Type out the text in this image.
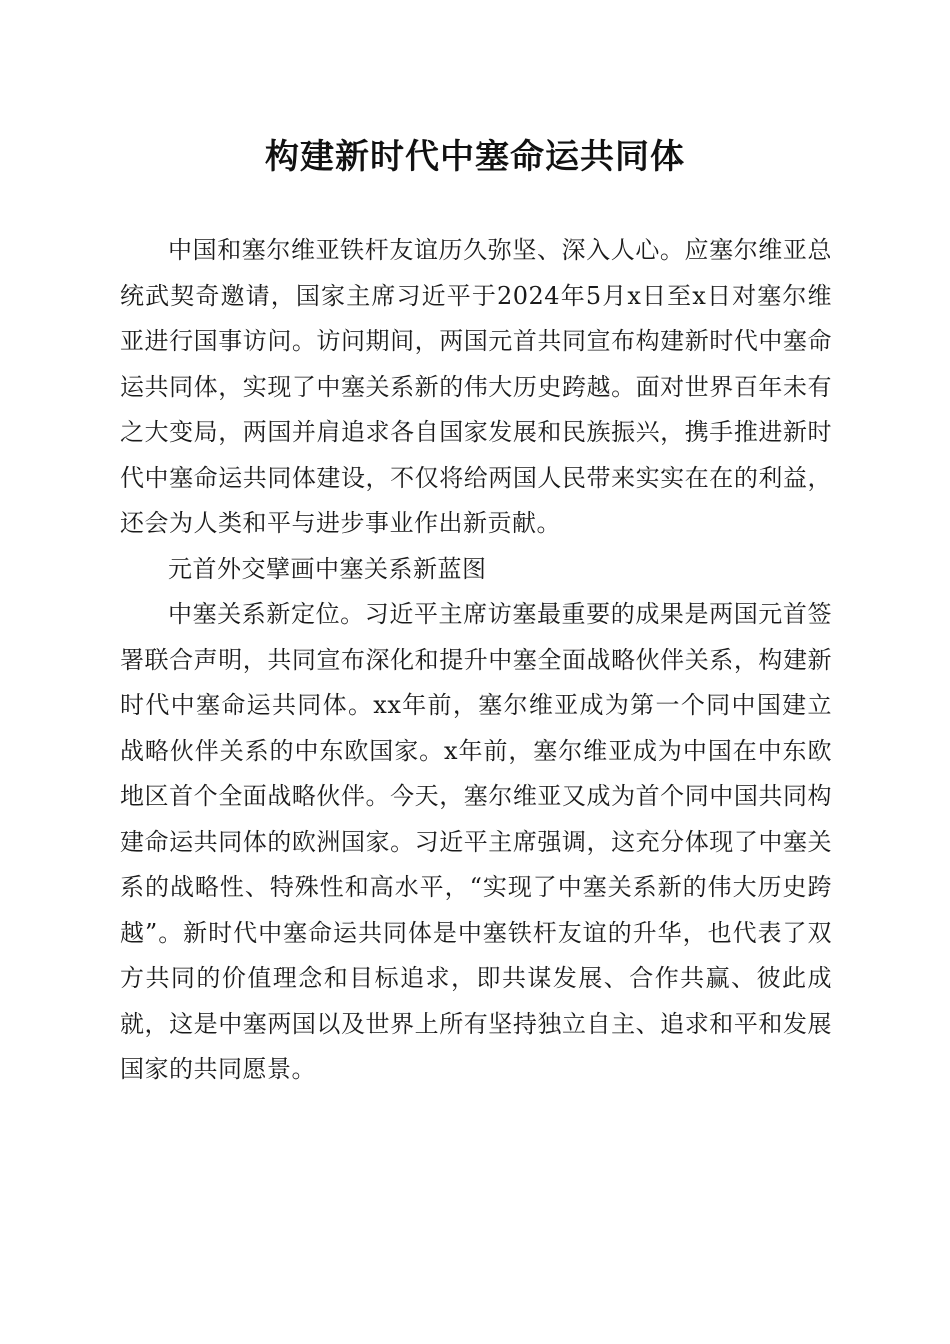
构建新时代中塞命运共同体

中国和塞尔维亚铁杆友谊历久弥坚、深入人心。应塞尔维亚总统武契奇邀请，国家主席习近平于2024年5月x日至x日对塞尔维亚进行国事访问。访问期间，两国元首共同宣布构建新时代中塞命运共同体，实现了中塞关系新的伟大历史跨越。面对世界百年未有之大变局，两国并肩追求各自国家发展和民族振兴，携手推进新时代中塞命运共同体建设，不仅将给两国人民带来实实在在的利益，还会为人类和平与进步事业作出新贡献。

元首外交擘画中塞关系新蓝图

中塞关系新定位。习近平主席访塞最重要的成果是两国元首签署联合声明，共同宣布深化和提升中塞全面战略伙伴关系，构建新时代中塞命运共同体。xx年前，塞尔维亚成为第一个同中国建立战略伙伴关系的中东欧国家。x年前，塞尔维亚成为中国在中东欧地区首个全面战略伙伴。今天，塞尔维亚又成为首个同中国共同构建命运共同体的欧洲国家。习近平主席强调，这充分体现了中塞关系的战略性、特殊性和高水平，“实现了中塞关系新的伟大历史跨越”。新时代中塞命运共同体是中塞铁杆友谊的升华，也代表了双方共同的价值理念和目标追求，即共谋发展、合作共赢、彼此成就，这是中塞两国以及世界上所有坚持独立自主、追求和平和发展国家的共同愿景。
